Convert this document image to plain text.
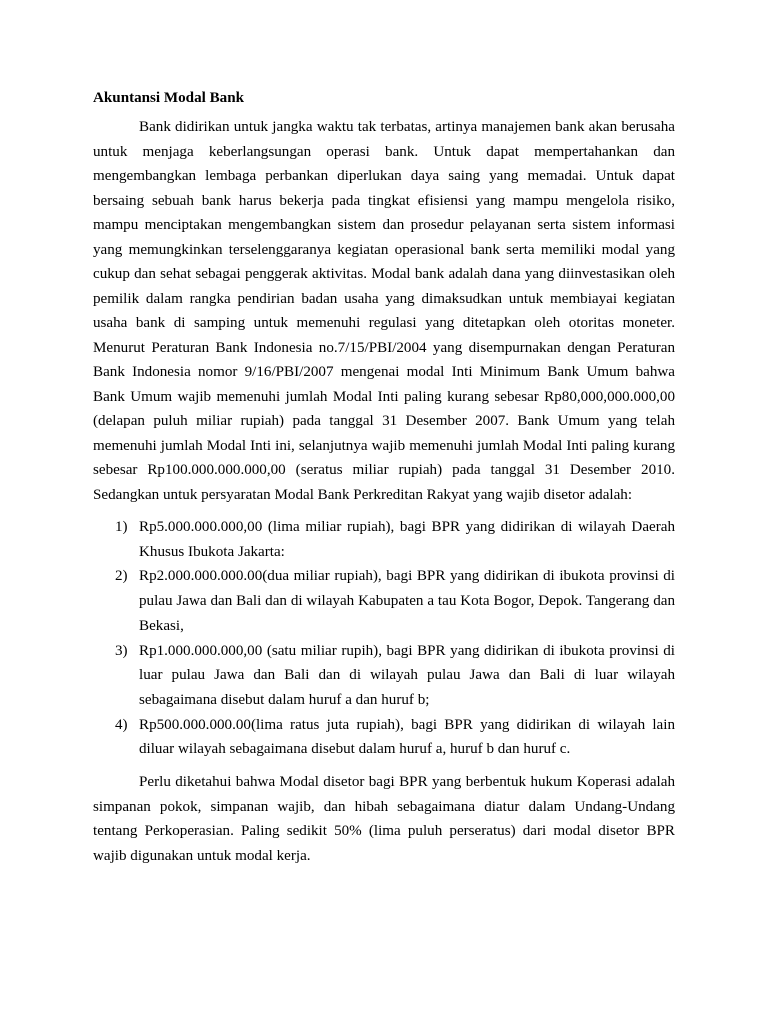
Akuntansi Modal Bank

Bank didirikan untuk jangka waktu tak terbatas, artinya manajemen bank akan berusaha untuk menjaga keberlangsungan operasi bank. Untuk dapat mempertahankan dan mengembangkan lembaga perbankan diperlukan daya saing yang memadai. Untuk dapat bersaing sebuah bank harus bekerja pada tingkat efisiensi yang mampu mengelola risiko, mampu menciptakan mengembangkan sistem dan prosedur pelayanan serta sistem informasi yang memungkinkan terselenggaranya kegiatan operasional bank serta memiliki modal yang cukup dan sehat sebagai penggerak aktivitas. Modal bank adalah dana yang diinvestasikan oleh pemilik dalam rangka pendirian badan usaha yang dimaksudkan untuk membiayai kegiatan usaha bank di samping untuk memenuhi regulasi yang ditetapkan oleh otoritas moneter. Menurut Peraturan Bank Indonesia no.7/15/PBI/2004 yang disempurnakan dengan Peraturan Bank Indonesia nomor 9/16/PBI/2007 mengenai modal Inti Minimum Bank Umum bahwa Bank Umum wajib memenuhi jumlah Modal Inti paling kurang sebesar Rp80,000,000.000,00 (delapan puluh miliar rupiah) pada tanggal 31 Desember 2007. Bank Umum yang telah memenuhi jumlah Modal Inti ini, selanjutnya wajib memenuhi jumlah Modal Inti paling kurang sebesar Rp100.000.000.000,00 (seratus miliar rupiah) pada tanggal 31 Desember 2010. Sedangkan untuk persyaratan Modal Bank Perkreditan Rakyat yang wajib disetor adalah:

1) Rp5.000.000.000,00 (lima miliar rupiah), bagi BPR yang didirikan di wilayah Daerah Khusus Ibukota Jakarta:
2) Rp2.000.000.000.00(dua miliar rupiah), bagi BPR yang didirikan di ibukota provinsi di pulau Jawa dan Bali dan di wilayah Kabupaten a tau Kota Bogor, Depok. Tangerang dan Bekasi,
3) Rp1.000.000.000,00 (satu miliar rupih), bagi BPR yang didirikan di ibukota provinsi di luar pulau Jawa dan Bali dan di wilayah pulau Jawa dan Bali di luar wilayah sebagaimana disebut dalam huruf a dan huruf b;
4) Rp500.000.000.00(lima ratus juta rupiah), bagi BPR yang didirikan di wilayah lain diluar wilayah sebagaimana disebut dalam huruf a, huruf b dan huruf c.

Perlu diketahui bahwa Modal disetor bagi BPR yang berbentuk hukum Koperasi adalah simpanan pokok, simpanan wajib, dan hibah sebagaimana diatur dalam Undang-Undang tentang Perkoperasian. Paling sedikit 50% (lima puluh perseratus) dari modal disetor BPR wajib digunakan untuk modal kerja.
